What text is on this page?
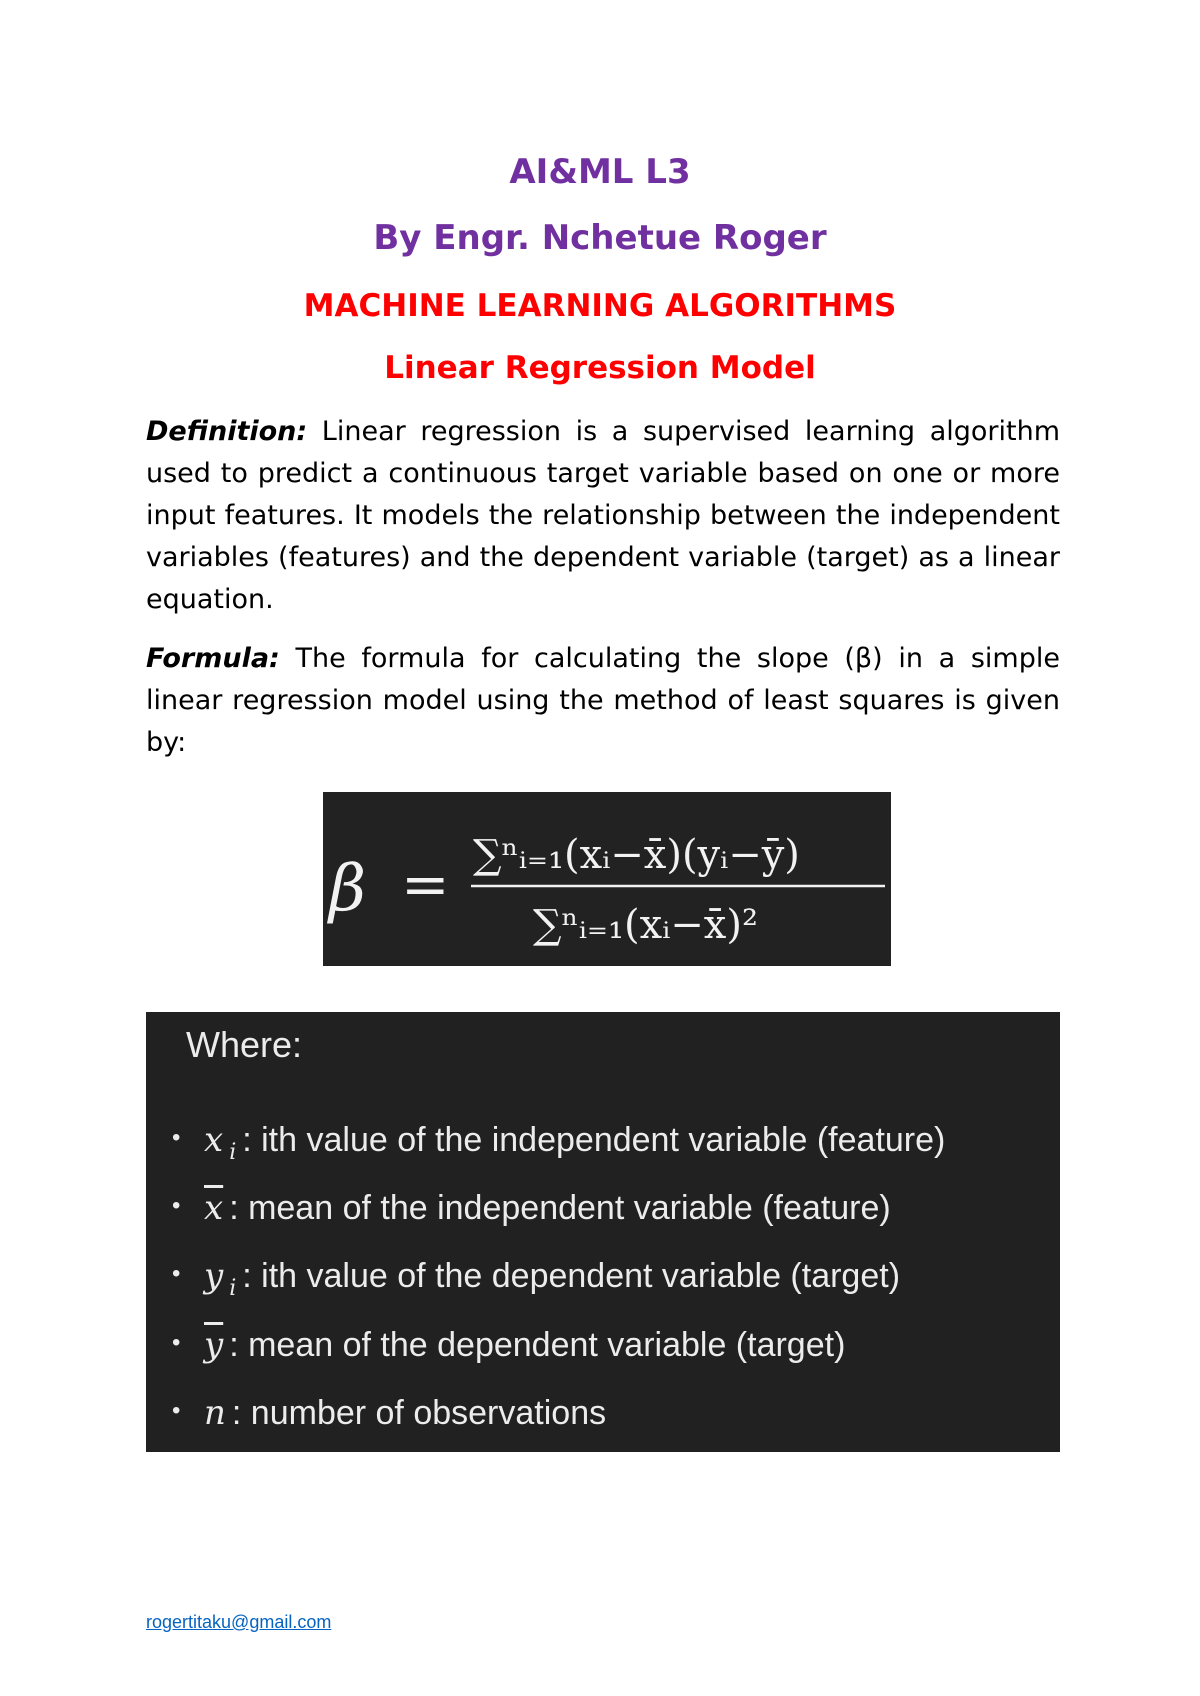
AI&ML L3
By Engr. Nchetue Roger
MACHINE LEARNING ALGORITHMS
Linear Regression Model

Definition: Linear regression is a supervised learning algorithm used to predict a continuous target variable based on one or more input features. It models the relationship between the independent variables (features) and the dependent variable (target) as a linear equation.

Formula: The formula for calculating the slope (β) in a simple linear regression model using the method of least squares is given by:

β = ∑ⁿᵢ₌₁(xᵢ−x̄)(yᵢ−ȳ)
∑ⁿᵢ₌₁(xᵢ−x̄)²
Where:
• x $_i$ : ith value of the independent variable (feature)
• $\overline{x}$ : mean of the independent variable (feature)
• y $_i$ : ith value of the dependent variable (target)
• $\overline{y}$ : mean of the dependent variable (target)
• n : number of observations
rogertitaku@gmail.com
